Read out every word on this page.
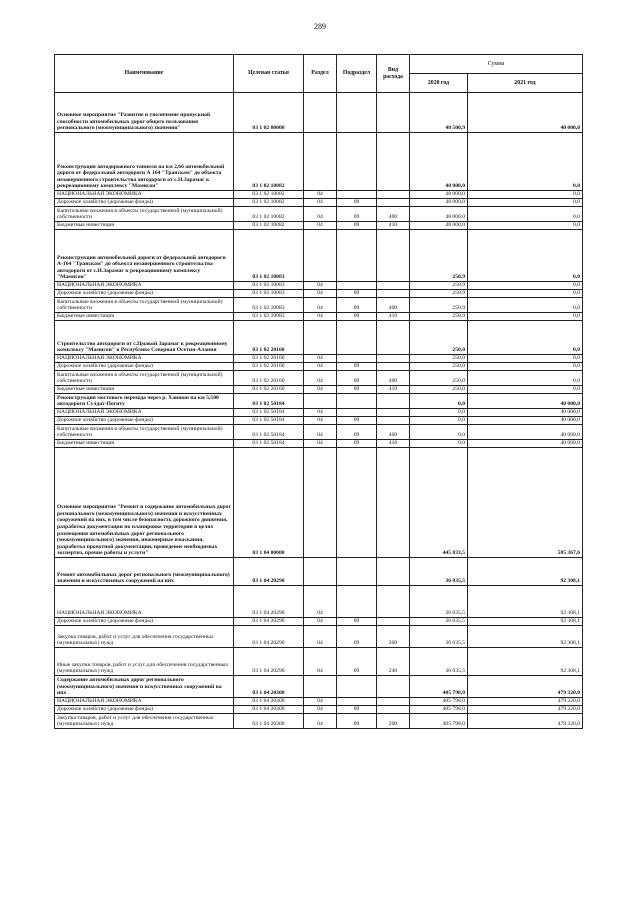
289
Наименование	Целевая статья	Раздел	Подраздел	Вид расхода	Сумма	
					2020 год	2021 год
Основное мероприятие "Развитие и увеличение пропускной способности автомобильных дорог общего пользования регионального (межмуниципального) значения"	03 1 02 00000				48 500,9	40 000,0
Реконструкция автодорожного тоннеля на км 2,66 автомобильной дороги от федеральной автодороги А 164 "Транскам" до объекта незавершенного строительства автодороги от с.Н.Зарамаг к рекреационному комплексу "Мамисон"	03 1 02 10082				48 000,0	0,0
НАЦИОНАЛЬНАЯ ЭКОНОМИКА	03 1 02 10082	04			48 000,0	0,0
Дорожное хозяйство (дорожные фонды)	03 1 02 10082	04	09		48 000,0	0,0
Капитальные вложения в объекты государственной (муниципальной) собственности	03 1 02 10082	04	09	400	48 000,0	0,0
Бюджетные инвестиции	03 1 02 10082	04	09	410	48 000,0	0,0
Реконструкция автомобильной дороги от федеральной автодороги А-164 "Транскам" до объекта незавершенного строительства автодороги от с.Н.Зарамаг к рекреационному комплексу "Мамисон"	03 1 02 10083				250,9	0,0
НАЦИОНАЛЬНАЯ ЭКОНОМИКА	03 1 02 10083	04			250,9	0,0
Дорожное хозяйство (дорожные фонды)	03 1 02 10083	04	09		250,9	0,0
Капитальные вложения в объекты государственной (муниципальной) собственности	03 1 02 10083	04	09	400	250,9	0,0
Бюджетные инвестиции	03 1 02 10083	04	09	410	250,9	0,0
Строительство автодороги от с.Цмакой Зарамаг к рекреационному комплексу "Мамисон" в Республике Северная Осетия-Алания	03 1 02 20160				250,0	0,0
НАЦИОНАЛЬНАЯ ЭКОНОМИКА	03 1 02 20160	04			250,0	0,0
Дорожное хозяйство (дорожные фонды)	03 1 02 20160	04	09		250,0	0,0
Капитальные вложения в объекты государственной (муниципальной) собственности	03 1 02 20160	04	09	400	250,0	0,0
Бюджетные инвестиции	03 1 02 20160	04	09	410	250,0	0,0
Реконструкция мостового перехода через р. Хаишон на км 5,500 автодороги Сулдат-Погиту	03 1 02 50184				0,0	40 000,0
НАЦИОНАЛЬНАЯ ЭКОНОМИКА	03 1 02 50184	04			0,0	40 000,0
Дорожное хозяйство (дорожные фонды)	03 1 02 50184	04	09		0,0	40 000,0
Капитальные вложения в объекты государственной (муниципальной) собственности	03 1 02 50184	04	09	400	0,0	40 000,0
Бюджетные инвестиции	03 1 02 50184	04	09	410	0,0	40 000,0
Основное мероприятие "Ремонт и содержание автомобильных дорог регионального (межмуниципального) значения и искусственных сооружений на них, в том числе безопасность дорожного движения, разработка документации по планировке территории в целях размещения автомобильных дорог регионального (межмуниципального) значения, инженерные изыскания, разработка проектной документации, проведение необходимых экспертиз, прочие работы и услуги"	03 1 04 00000				445 833,5	585 367,6
Ремонт автомобильных дорог регионального (межмуниципального) значения и искусственных сооружений на них	03 1 04 20290				36 035,5	92 308,1
НАЦИОНАЛЬНАЯ ЭКОНОМИКА	03 1 04 20290	04			36 035,5	92 308,1
Дорожное хозяйство (дорожные фонды)	03 1 04 20290	04	09		36 035,5	92 308,1
Закупка товаров, работ и услуг для обеспечения государственных (муниципальных) нужд	03 1 04 20290	04	09	200	36 035,5	92 308,1
Иные закупки товаров, работ и услуг для обеспечения государственных (муниципальных) нужд	03 1 04 20290	04	09	240	36 035,5	92 308,1
Содержание автомобильных дорог регионального (межмуниципального) значения и искусственных сооружений на них	03 1 04 20300				405 798,0	479 320,0
НАЦИОНАЛЬНАЯ ЭКОНОМИКА	03 1 04 20300	04			405 798,0	479 320,0
Дорожное хозяйство (дорожные фонды)	03 1 04 20300	04	09		405 798,0	479 320,0
Закупка товаров, работ и услуг для обеспечения государственных (муниципальных) нужд	03 1 04 20300	04	09	200	405 798,0	479 320,0
